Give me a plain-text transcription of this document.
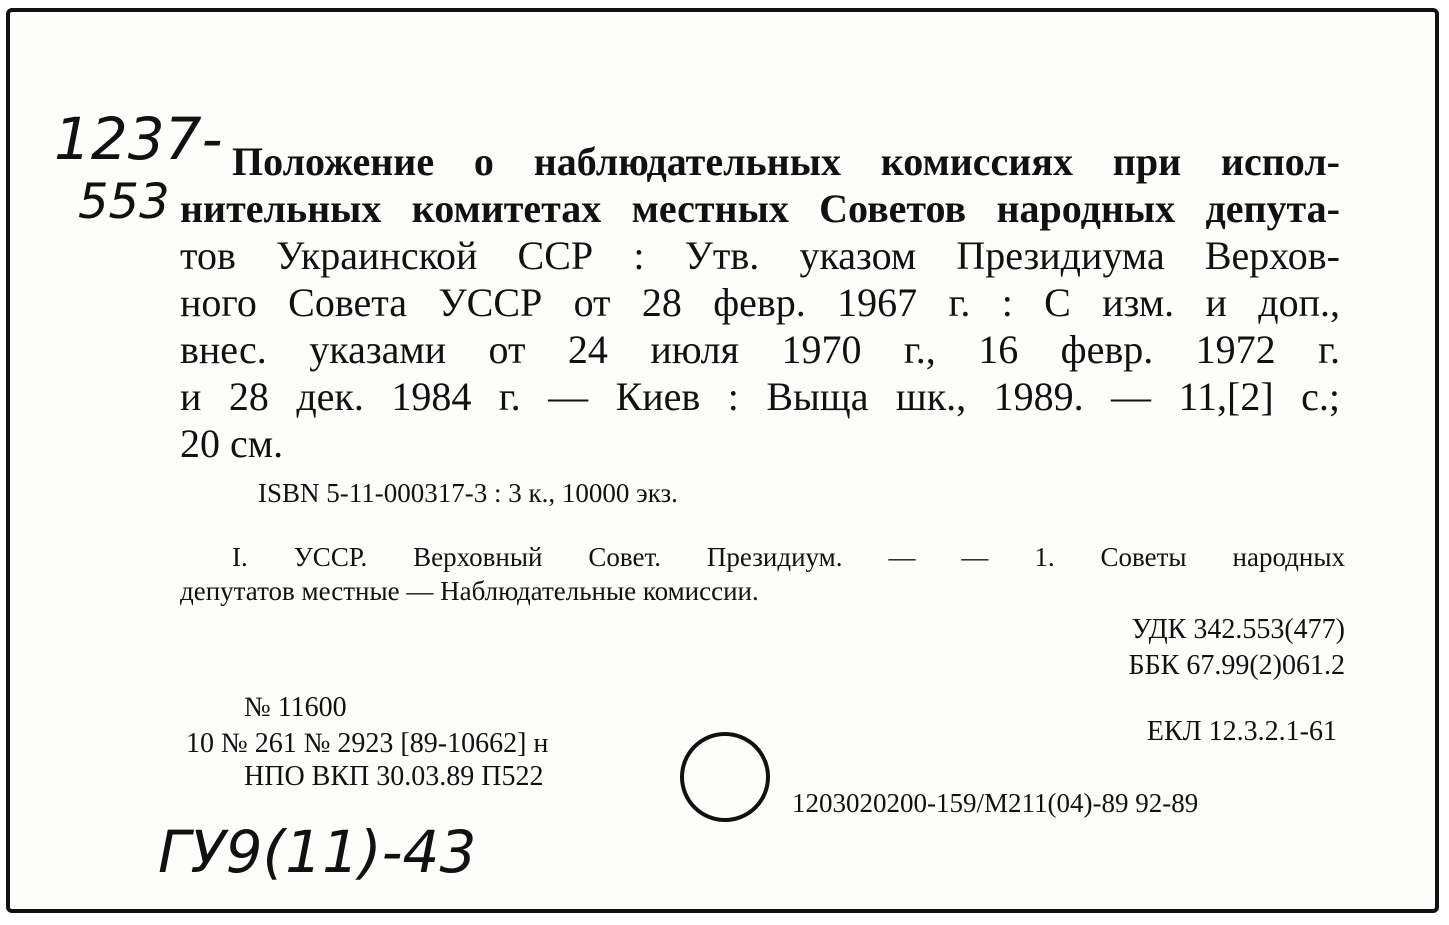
1237-
553
Положение о наблюдательных комиссиях при испол-
нительных комитетах местных Советов народных депута-
тов Украинской ССР : Утв. указом Президиума Верхов-
ного Совета УССР от 28 февр. 1967 г. : С изм. и доп.,
внес. указами от 24 июля 1970 г., 16 февр. 1972 г.
и 28 дек. 1984 г. — Киев : Выща шк., 1989. — 11,[2] с.;
20 см.
ISBN 5-11-000317-3 : 3 к., 10000 экз.
I. УССР. Верховный Совет. Президиум. — — 1. Советы народных
депутатов местные — Наблюдательные комиссии.
УДК 342.553(477)
ББК 67.99(2)061.2
№ 11600
10 № 261 № 2923 [89-10662] н
НПО ВКП 30.03.89 П522
ЕКЛ 12.3.2.1-61
1203020200-159/М211(04)-89 92-89
ГУ9(11)-43
